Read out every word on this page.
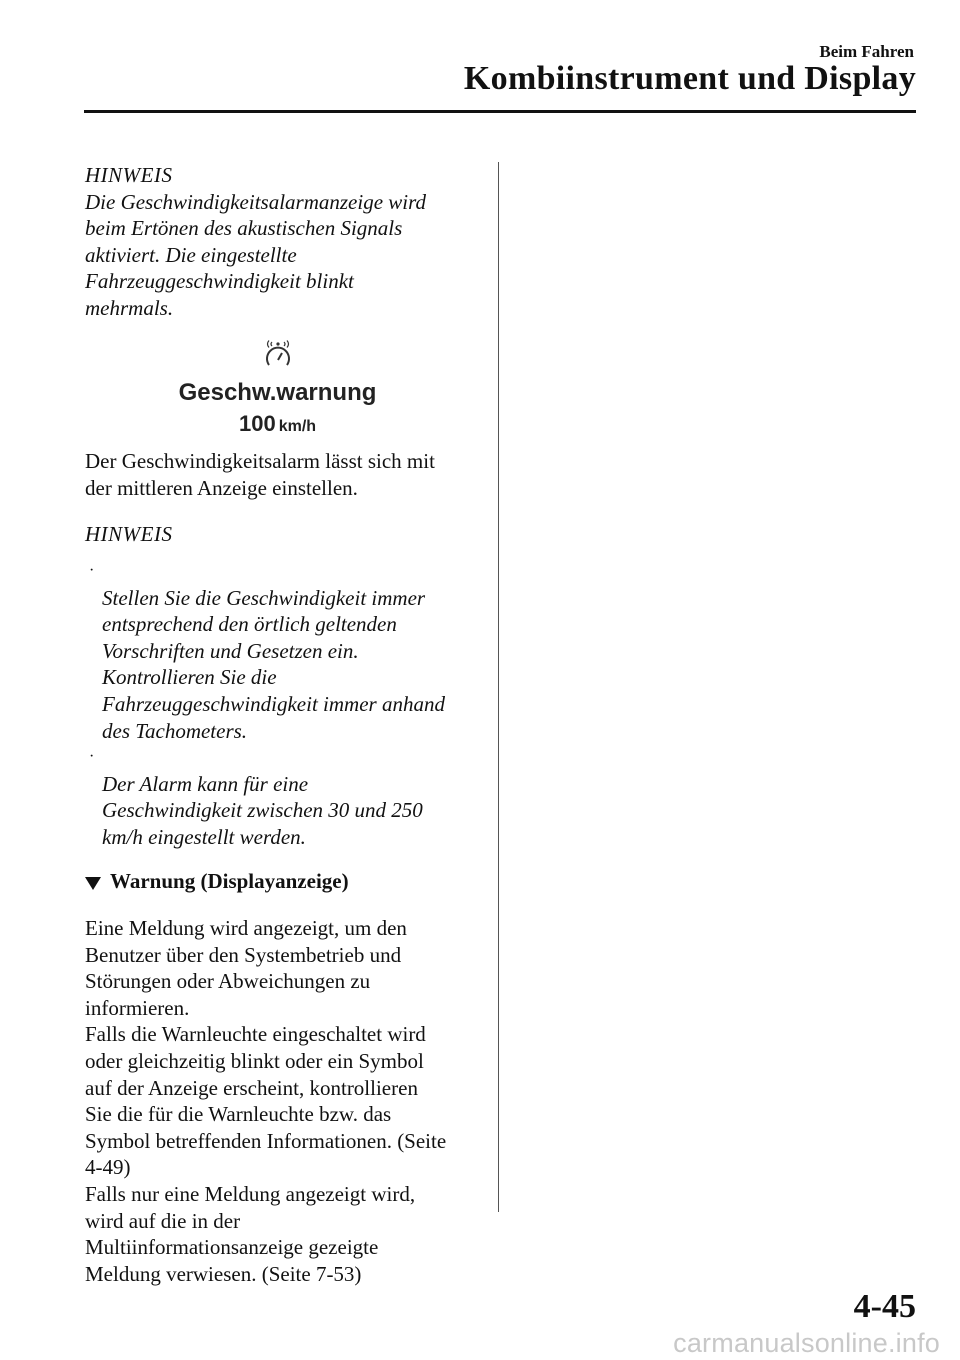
Beim Fahren
Kombiinstrument und Display
HINWEIS
Die Geschwindigkeitsalarmanzeige wird
beim Ertönen des akustischen Signals
aktiviert. Die eingestellte
Fahrzeuggeschwindigkeit blinkt
mehrmals.
Geschw.warnung
100 km/h
Der Geschwindigkeitsalarm lässt sich mit
der mittleren Anzeige einstellen.
HINWEIS

·
Stellen Sie die Geschwindigkeit immer
entsprechend den örtlich geltenden
Vorschriften und Gesetzen ein.
Kontrollieren Sie die
Fahrzeuggeschwindigkeit immer anhand
des Tachometers.

·
Der Alarm kann für eine
Geschwindigkeit zwischen 30 und 250
km/h eingestellt werden.

Warnung (Displayanzeige)
Eine Meldung wird angezeigt, um den
Benutzer über den Systembetrieb und
Störungen oder Abweichungen zu
informieren.
Falls die Warnleuchte eingeschaltet wird
oder gleichzeitig blinkt oder ein Symbol
auf der Anzeige erscheint, kontrollieren
Sie die für die Warnleuchte bzw. das
Symbol betreffenden Informationen. (Seite
4-49)
Falls nur eine Meldung angezeigt wird,
wird auf die in der
Multiinformationsanzeige gezeigte
Meldung verwiesen. (Seite 7-53)
4-45
carmanualsonline.info
